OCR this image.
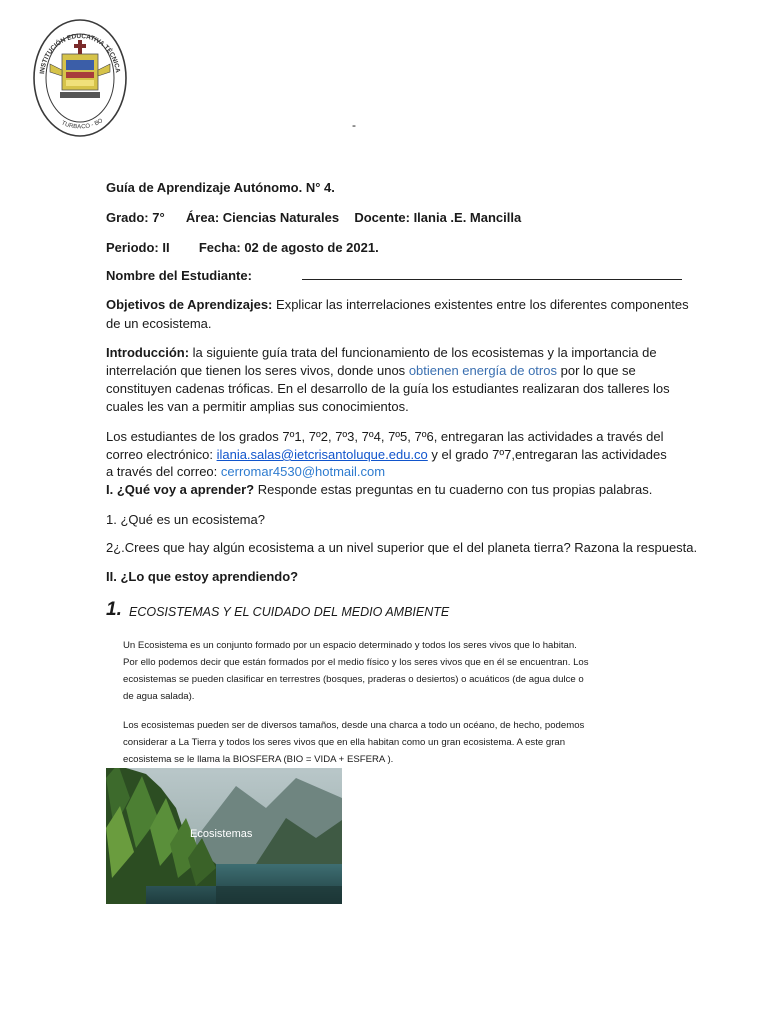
INSTITUCIÓN EDUCATIVA TÉCNICA
TURBACO - BO	-
Guía de Aprendizaje Autónomo. N° 4.
Grado: 7° Área: Ciencias Naturales Docente: Ilania .E. Mancilla
Periodo: II Fecha: 02 de agosto de 2021.
Nombre del Estudiante:
Objetivos de Aprendizajes: Explicar las interrelaciones existentes entre los diferentes componentes
de un ecosistema.
Introducción: la siguiente guía trata del funcionamiento de los ecosistemas y la importancia de
interrelación que tienen los seres vivos, donde unos obtienen energía de otros por lo que se
constituyen cadenas tróficas. En el desarrollo de la guía los estudiantes realizaran dos talleres los
cuales les van a permitir amplias sus conocimientos.
Los estudiantes de los grados 7º1, 7º2, 7º3, 7º4, 7º5, 7º6, entregaran las actividades a través del
correo electrónico: ilania.salas@ietcrisantoluque.edu.co y el grado 7º7,entregaran las actividades
a través del correo: cerromar4530@hotmail.com
I. ¿Qué voy a aprender? Responde estas preguntas en tu cuaderno con tus propias palabras.
1. ¿Qué es un ecosistema?
2¿.Crees que hay algún ecosistema a un nivel superior que el del planeta tierra? Razona la respuesta.
II. ¿Lo que estoy aprendiendo?
1. ECOSISTEMAS Y EL CUIDADO DEL MEDIO AMBIENTE
Un Ecosistema es un conjunto formado por un espacio determinado y todos los seres vivos que lo habitan.
Por ello podemos decir que están formados por el medio físico y los seres vivos que en él se encuentran. Los
ecosistemas se pueden clasificar en terrestres (bosques, praderas o desiertos) o acuáticos (de agua dulce o
de agua salada).
Los ecosistemas pueden ser de diversos tamaños, desde una charca a todo un océano, de hecho, podemos
considerar a La Tierra y todos los seres vivos que en ella habitan como un gran ecosistema. A este gran
ecosistema se le llama la BIOSFERA (BIO = VIDA + ESFERA ).
Ecosistemas
